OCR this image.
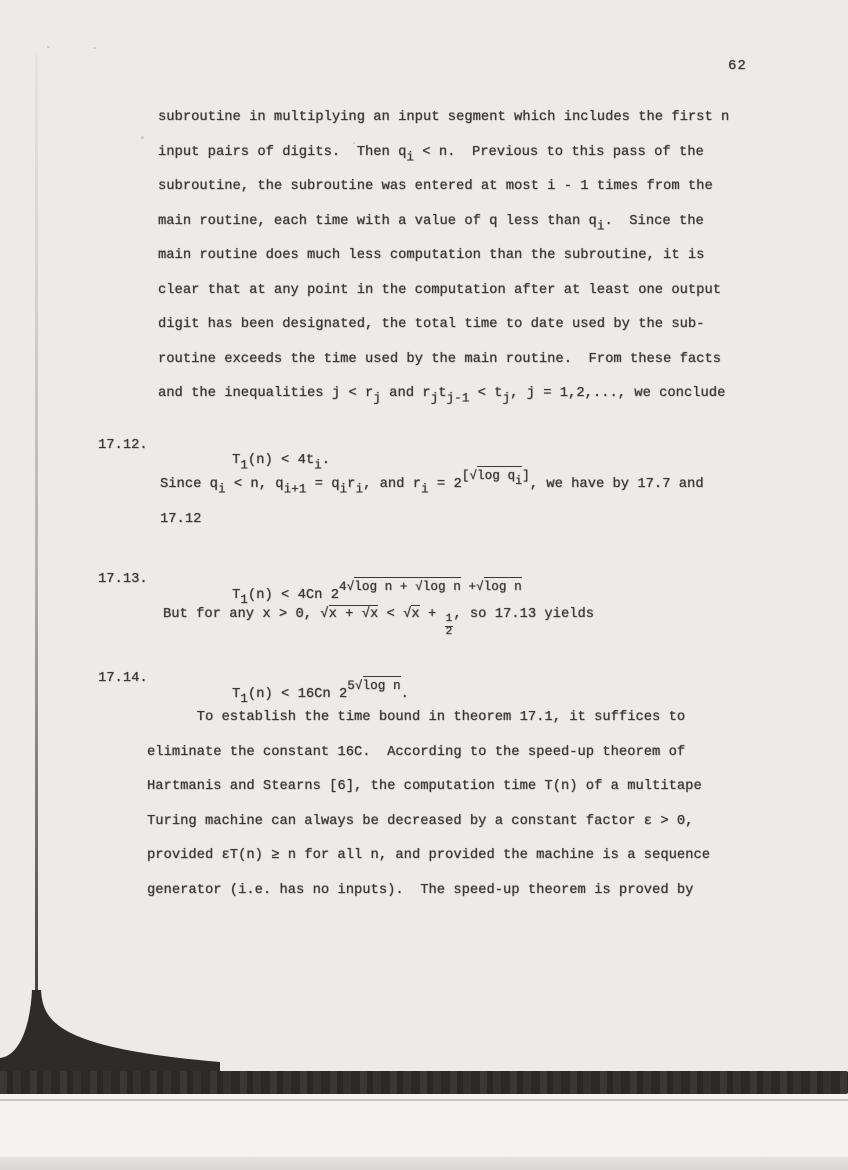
62
subroutine in multiplying an input segment which includes the first n
input pairs of digits.  Then $q_i < n$.  Previous to this pass of the
subroutine, the subroutine was entered at most i - 1 times from the
main routine, each time with a value of q less than $q_i$.  Since the
main routine does much less computation than the subroutine, it is
clear that at any point in the computation after at least one output
digit has been designated, the total time to date used by the sub-
routine exceeds the time used by the main routine.  From these facts
and the inequalities $j < r_j$ and $r_jt_{j-1} < t_j$, j = 1,2,..., we conclude

17.12.

$T_1(n) < 4t_i$.

Since $q_i < n$, $q_{i+1} = q_ir_i$, and $r_i = 2[√\log qi]$, we have by 17.7 and
17.12

17.13.

$T_1(n) < 4Cn$ $2^{4√log n + √log n +√log n}$

But for any x > 0, $√x + √x < √x + \frac{1}{2}$ , so 17.13 yields

17.14.

$T_1(n) < 16Cn$ $2^{5√log n}$.

To establish the time bound in theorem 17.1, it suffices to
eliminate the constant 16C.  According to the speed-up theorem of
Hartmanis and Stearns [6], the computation time T(n) of a multitape
Turing machine can always be decreased by a constant factor ε > 0,
provided εT(n) ≥ n for all n, and provided the machine is a sequence
generator (i.e. has no inputs).  The speed-up theorem is proved by
